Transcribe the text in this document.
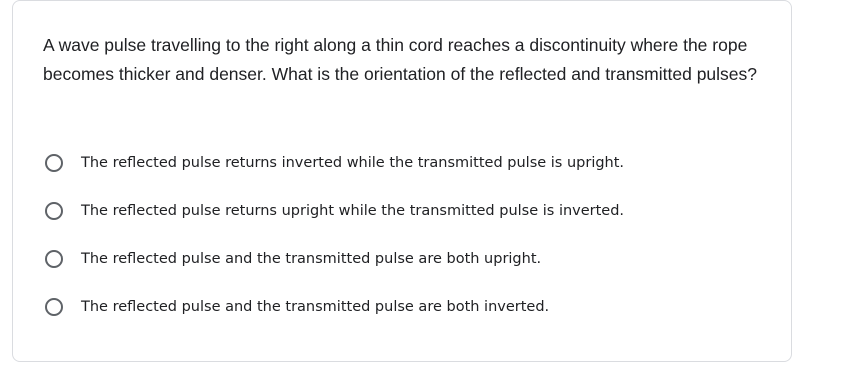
A wave pulse travelling to the right along a thin cord reaches a discontinuity where the rope becomes thicker and denser. What is the orientation of the reflected and transmitted pulses?

The reflected pulse returns inverted while the transmitted pulse is upright.
The reflected pulse returns upright while the transmitted pulse is inverted.
The reflected pulse and the transmitted pulse are both upright.
The reflected pulse and the transmitted pulse are both inverted.
